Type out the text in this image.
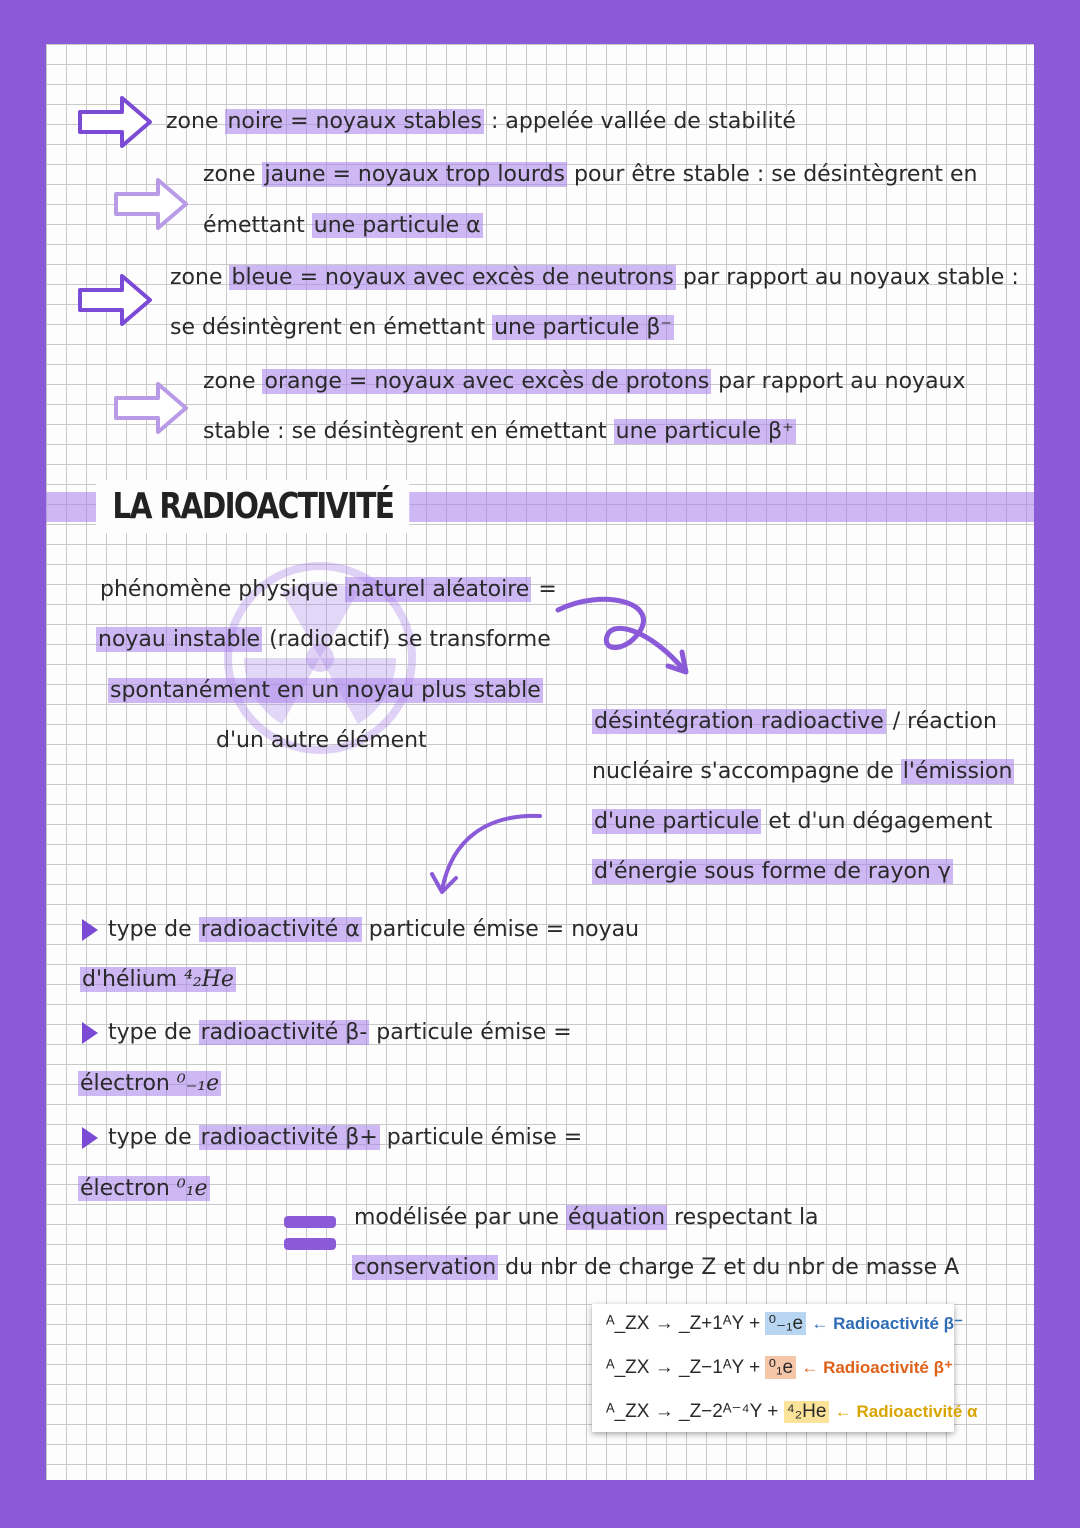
zone noire = noyaux stables : appelée vallée de stabilité
zone jaune = noyaux trop lourds pour être stable : se désintègrent en
émettant une particule α
zone bleue = noyaux avec excès de neutrons par rapport au noyaux stable :
se désintègrent en émettant une particule β⁻
zone orange = noyaux avec excès de protons par rapport au noyaux
stable : se désintègrent en émettant une particule β⁺
LA RADIOACTIVITÉ
phénomène physique naturel aléatoire =
noyau instable (radioactif) se transforme
spontanément en un noyau plus stable
d'un autre élément
désintégration radioactive / réaction
nucléaire s'accompagne de l'émission
d'une particule et d'un dégagement
d'énergie sous forme de rayon γ
type de radioactivité α particule émise = noyau
d'hélium ⁴₂He
type de radioactivité β- particule émise =
électron ⁰₋₁e
type de radioactivité β+ particule émise =
électron ⁰₁e
modélisée par une équation respectant la
conservation du nbr de charge Z et du nbr de masse A
ᴬ_ZX → _Z+1ᴬY + ⁰₋₁e ← Radioactivité β⁻
ᴬ_ZX → _Z−1ᴬY + ⁰₁e ← Radioactivité β⁺
ᴬ_ZX → _Z−2ᴬ⁻⁴Y + ⁴₂He ← Radioactivité α
